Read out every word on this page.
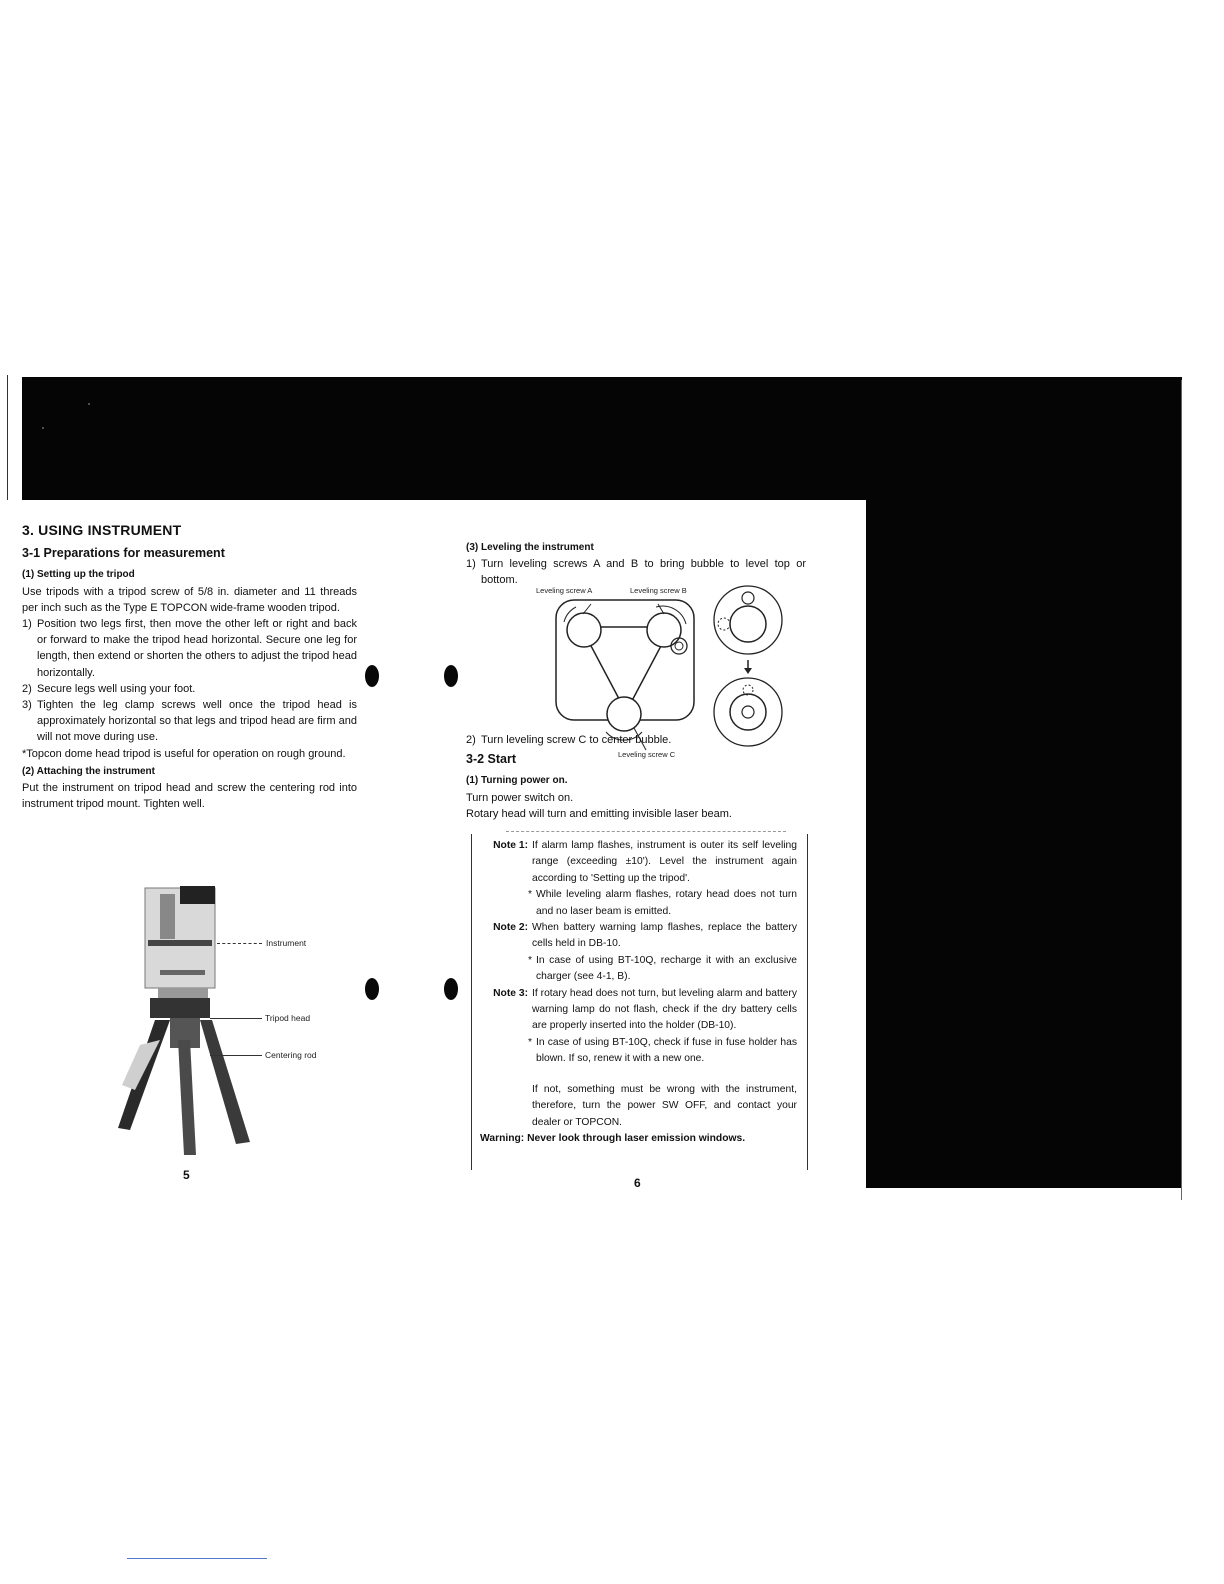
3. USING INSTRUMENT
3-1 Preparations for measurement
(1) Setting up the tripod

Use tripods with a tripod screw of 5/8 in. diameter and 11 threads per inch such as the Type E TOPCON wide-frame wooden tripod.

1) Position two legs first, then move the other left or right and back or forward to make the tripod head horizontal. Secure one leg for length, then extend or shorten the others to adjust the tripod head horizontally.
2) Secure legs well using your foot.
3) Tighten the leg clamp screws well once the tripod head is approximately horizontal so that legs and tripod head are firm and will not move during use.

*Topcon dome head tripod is useful for operation on rough ground.

(2) Attaching the instrument

Put the instrument on tripod head and screw the centering rod into instrument tripod mount. Tighten well.

Instrument
Tripod head
Centering rod
5
(3) Leveling the instrument
1) Turn leveling screws A and B to bring bubble to level top or bottom.
Leveling screw A	Leveling screw B
Leveling screw C
2) Turn leveling screw C to center bubble.
3-2 Start
(1) Turning power on.

Turn power switch on.

Rotary head will turn and emitting invisible laser beam.

Note 1: If alarm lamp flashes, instrument is outer its self leveling range (exceeding ±10'). Level the instrument again according to 'Setting up the tripod'.
* While leveling alarm flashes, rotary head does not turn and no laser beam is emitted.
Note 2: When battery warning lamp flashes, replace the battery cells held in DB-10.
* In case of using BT-10Q, recharge it with an exclusive charger (see 4-1, B).
Note 3: If rotary head does not turn, but leveling alarm and battery warning lamp do not flash, check if the dry battery cells are properly inserted into the holder (DB-10).
* In case of using BT-10Q, check if fuse in fuse holder has blown. If so, renew it with a new one.
If not, something must be wrong with the instrument, therefore, turn the power SW OFF, and contact your dealer or TOPCON.
Warning: Never look through laser emission windows.
6
